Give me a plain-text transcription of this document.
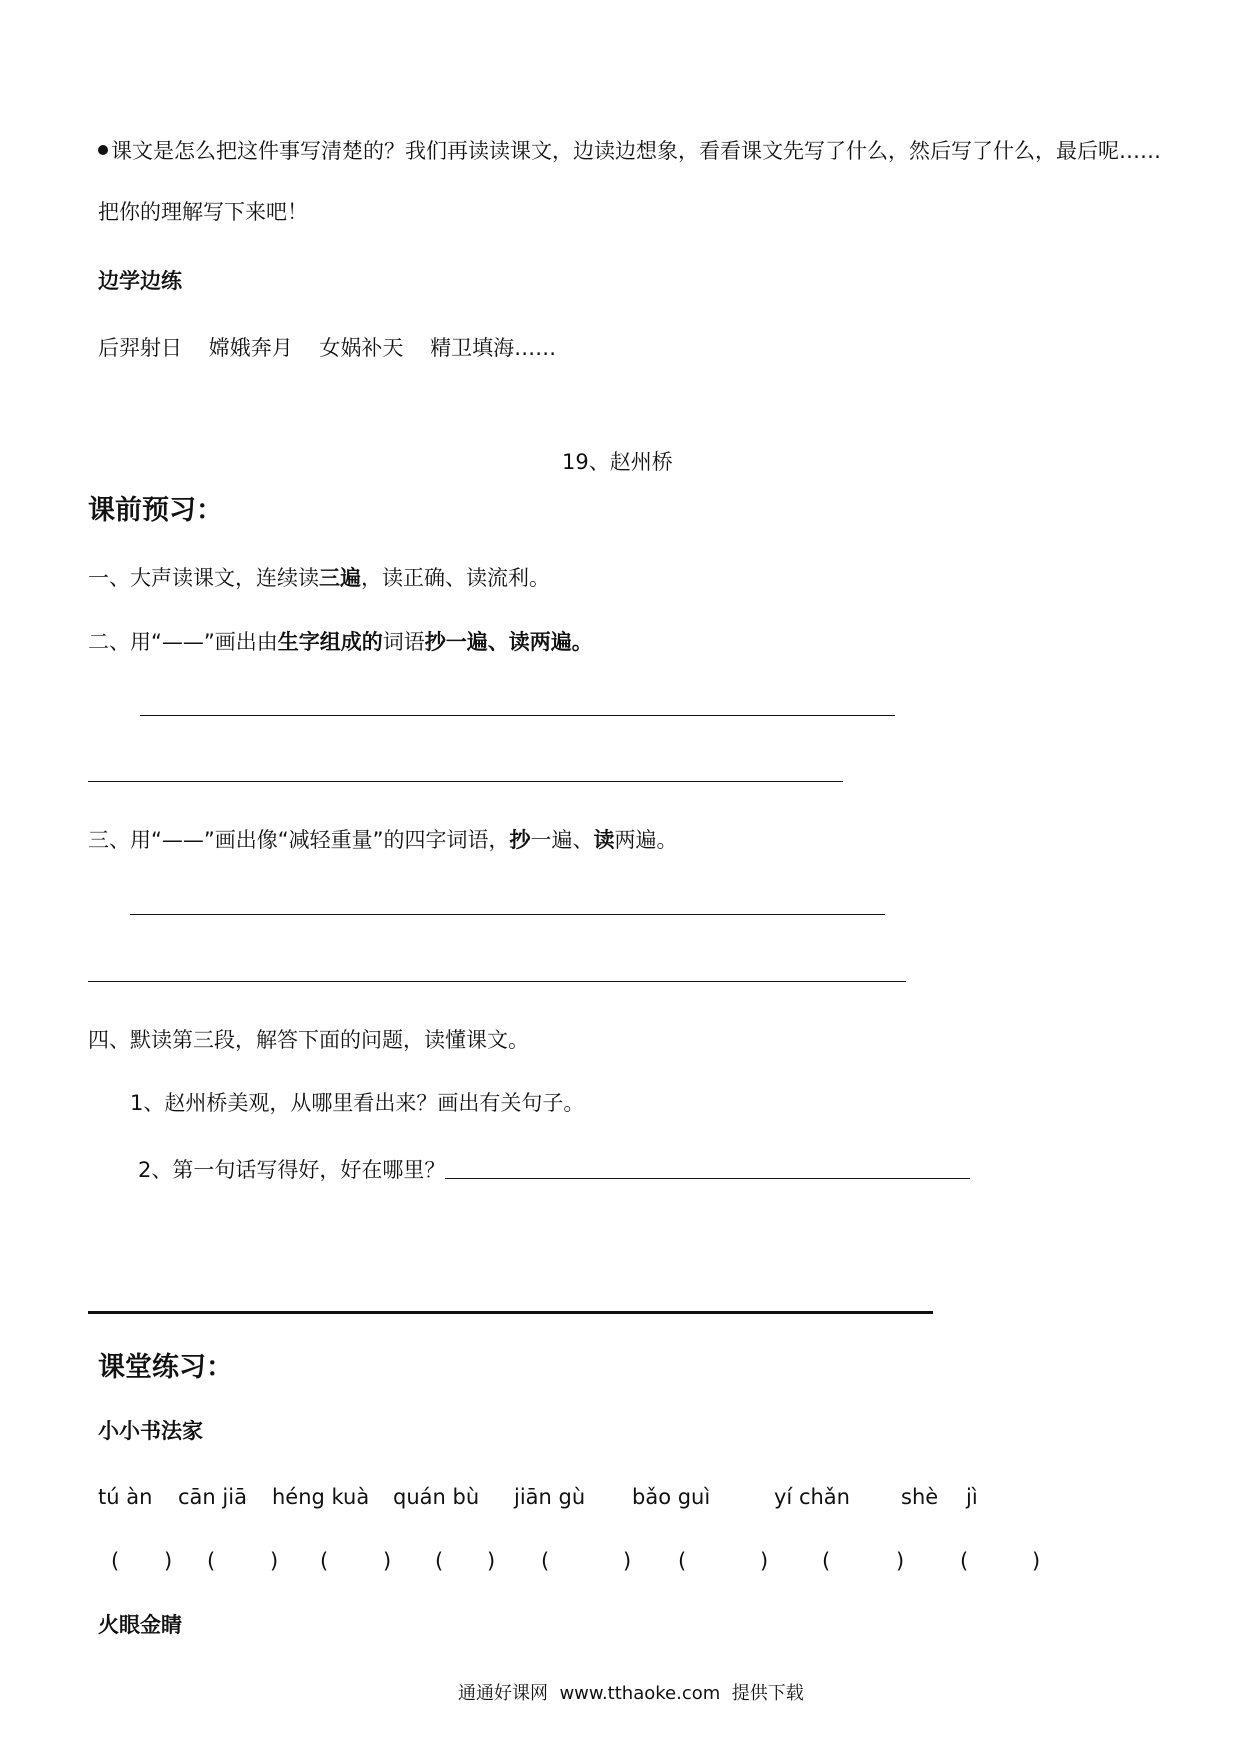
课文是怎么把这件事写清楚的？我们再读读课文，边读边想象，看看课文先写了什么，然后写了什么，最后呢……
把你的理解写下来吧！
边学边练
后羿射日    嫦娥奔月    女娲补天    精卫填海……
19、赵州桥
课前预习：
一、大声读课文，连续读三遍，读正确、读流利。
二、用“——”画出由生字组成的词语抄一遍、读两遍。
三、用“——”画出像“减轻重量”的四字词语，抄一遍、读两遍。
四、默读第三段，解答下面的问题，读懂课文。
1、赵州桥美观，从哪里看出来？画出有关句子。
2、第一句话写得好，好在哪里？
课堂练习：
小小书法家
tú àn cān jiā héng kuà quán bù jiān gù bǎo guì	yí chǎn shè jì
( ) (	) (	) ( ) (	) (	)	(	)	(	)
火眼金睛
通通好课网  www.tthaoke.com  提供下载
